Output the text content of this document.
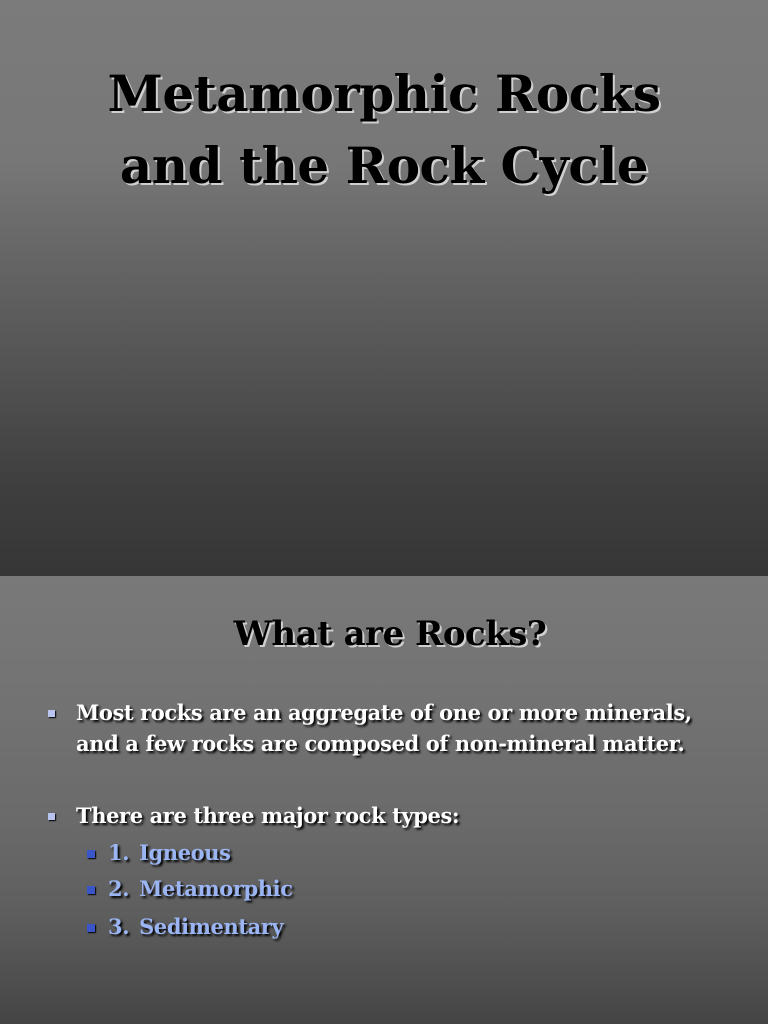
Metamorphic Rocks
and the Rock Cycle
What are Rocks?
Most rocks are an aggregate of one or more minerals,
and a few rocks are composed of non-mineral matter.
There are three major rock types:
1. Igneous
2. Metamorphic
3. Sedimentary
